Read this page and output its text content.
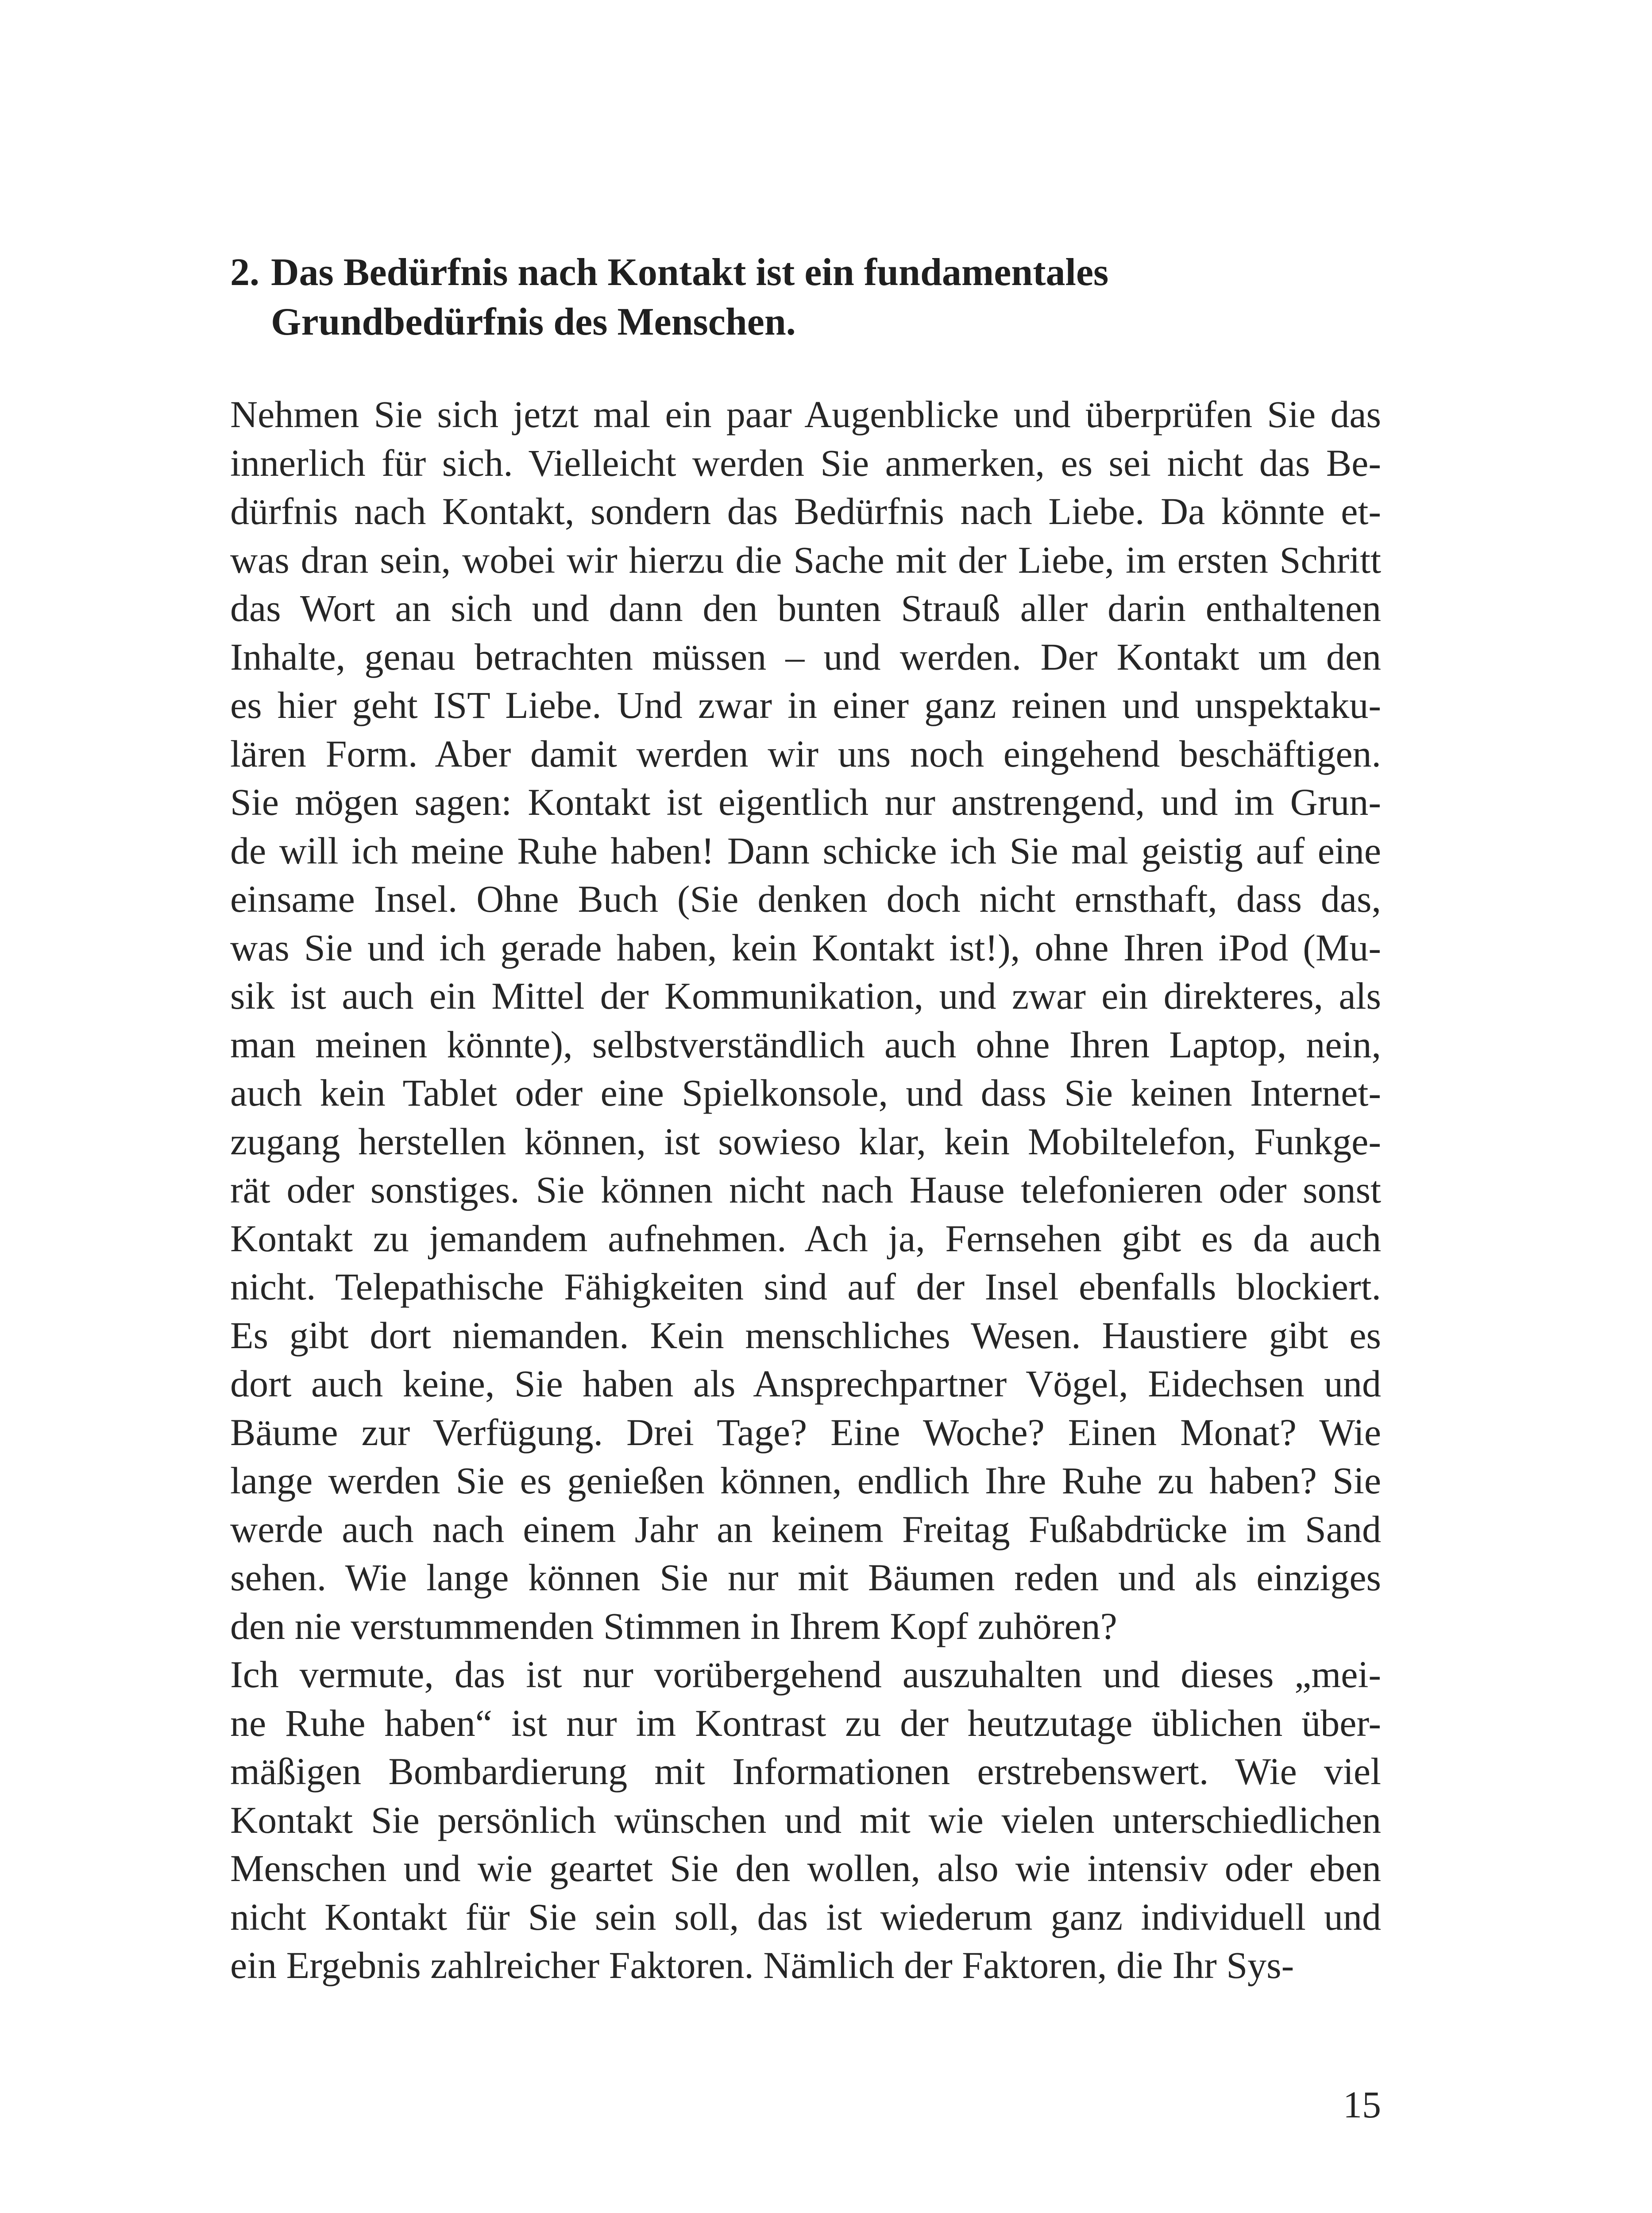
2. Das Bedürfnis nach Kontakt ist ein fundamentales
Grundbedürfnis des Menschen.
Nehmen Sie sich jetzt mal ein paar Augenblicke und überprüfen Sie das
innerlich für sich. Vielleicht werden Sie anmerken, es sei nicht das Be-
dürfnis nach Kontakt, sondern das Bedürfnis nach Liebe. Da könnte et-
was dran sein, wobei wir hierzu die Sache mit der Liebe, im ersten Schritt
das Wort an sich und dann den bunten Strauß aller darin enthaltenen
Inhalte, genau betrachten müssen – und werden. Der Kontakt um den
es hier geht IST Liebe. Und zwar in einer ganz reinen und unspektaku-
lären Form. Aber damit werden wir uns noch eingehend beschäftigen.
Sie mögen sagen: Kontakt ist eigentlich nur anstrengend, und im Grun-
de will ich meine Ruhe haben! Dann schicke ich Sie mal geistig auf eine
einsame Insel. Ohne Buch (Sie denken doch nicht ernsthaft, dass das,
was Sie und ich gerade haben, kein Kontakt ist!), ohne Ihren iPod (Mu-
sik ist auch ein Mittel der Kommunikation, und zwar ein direkteres, als
man meinen könnte), selbstverständlich auch ohne Ihren Laptop, nein,
auch kein Tablet oder eine Spielkonsole, und dass Sie keinen Internet-
zugang herstellen können, ist sowieso klar, kein Mobiltelefon, Funkge-
rät oder sonstiges. Sie können nicht nach Hause telefonieren oder sonst
Kontakt zu jemandem aufnehmen. Ach ja, Fernsehen gibt es da auch
nicht. Telepathische Fähigkeiten sind auf der Insel ebenfalls blockiert.
Es gibt dort niemanden. Kein menschliches Wesen. Haustiere gibt es
dort auch keine, Sie haben als Ansprechpartner Vögel, Eidechsen und
Bäume zur Verfügung. Drei Tage? Eine Woche? Einen Monat? Wie
lange werden Sie es genießen können, endlich Ihre Ruhe zu haben? Sie
werde auch nach einem Jahr an keinem Freitag Fußabdrücke im Sand
sehen. Wie lange können Sie nur mit Bäumen reden und als einziges
den nie verstummenden Stimmen in Ihrem Kopf zuhören?
Ich vermute, das ist nur vorübergehend auszuhalten und dieses „mei-
ne Ruhe haben“ ist nur im Kontrast zu der heutzutage üblichen über-
mäßigen Bombardierung mit Informationen erstrebenswert. Wie viel
Kontakt Sie persönlich wünschen und mit wie vielen unterschiedlichen
Menschen und wie geartet Sie den wollen, also wie intensiv oder eben
nicht Kontakt für Sie sein soll, das ist wiederum ganz individuell und
ein Ergebnis zahlreicher Faktoren. Nämlich der Faktoren, die Ihr Sys-
15
